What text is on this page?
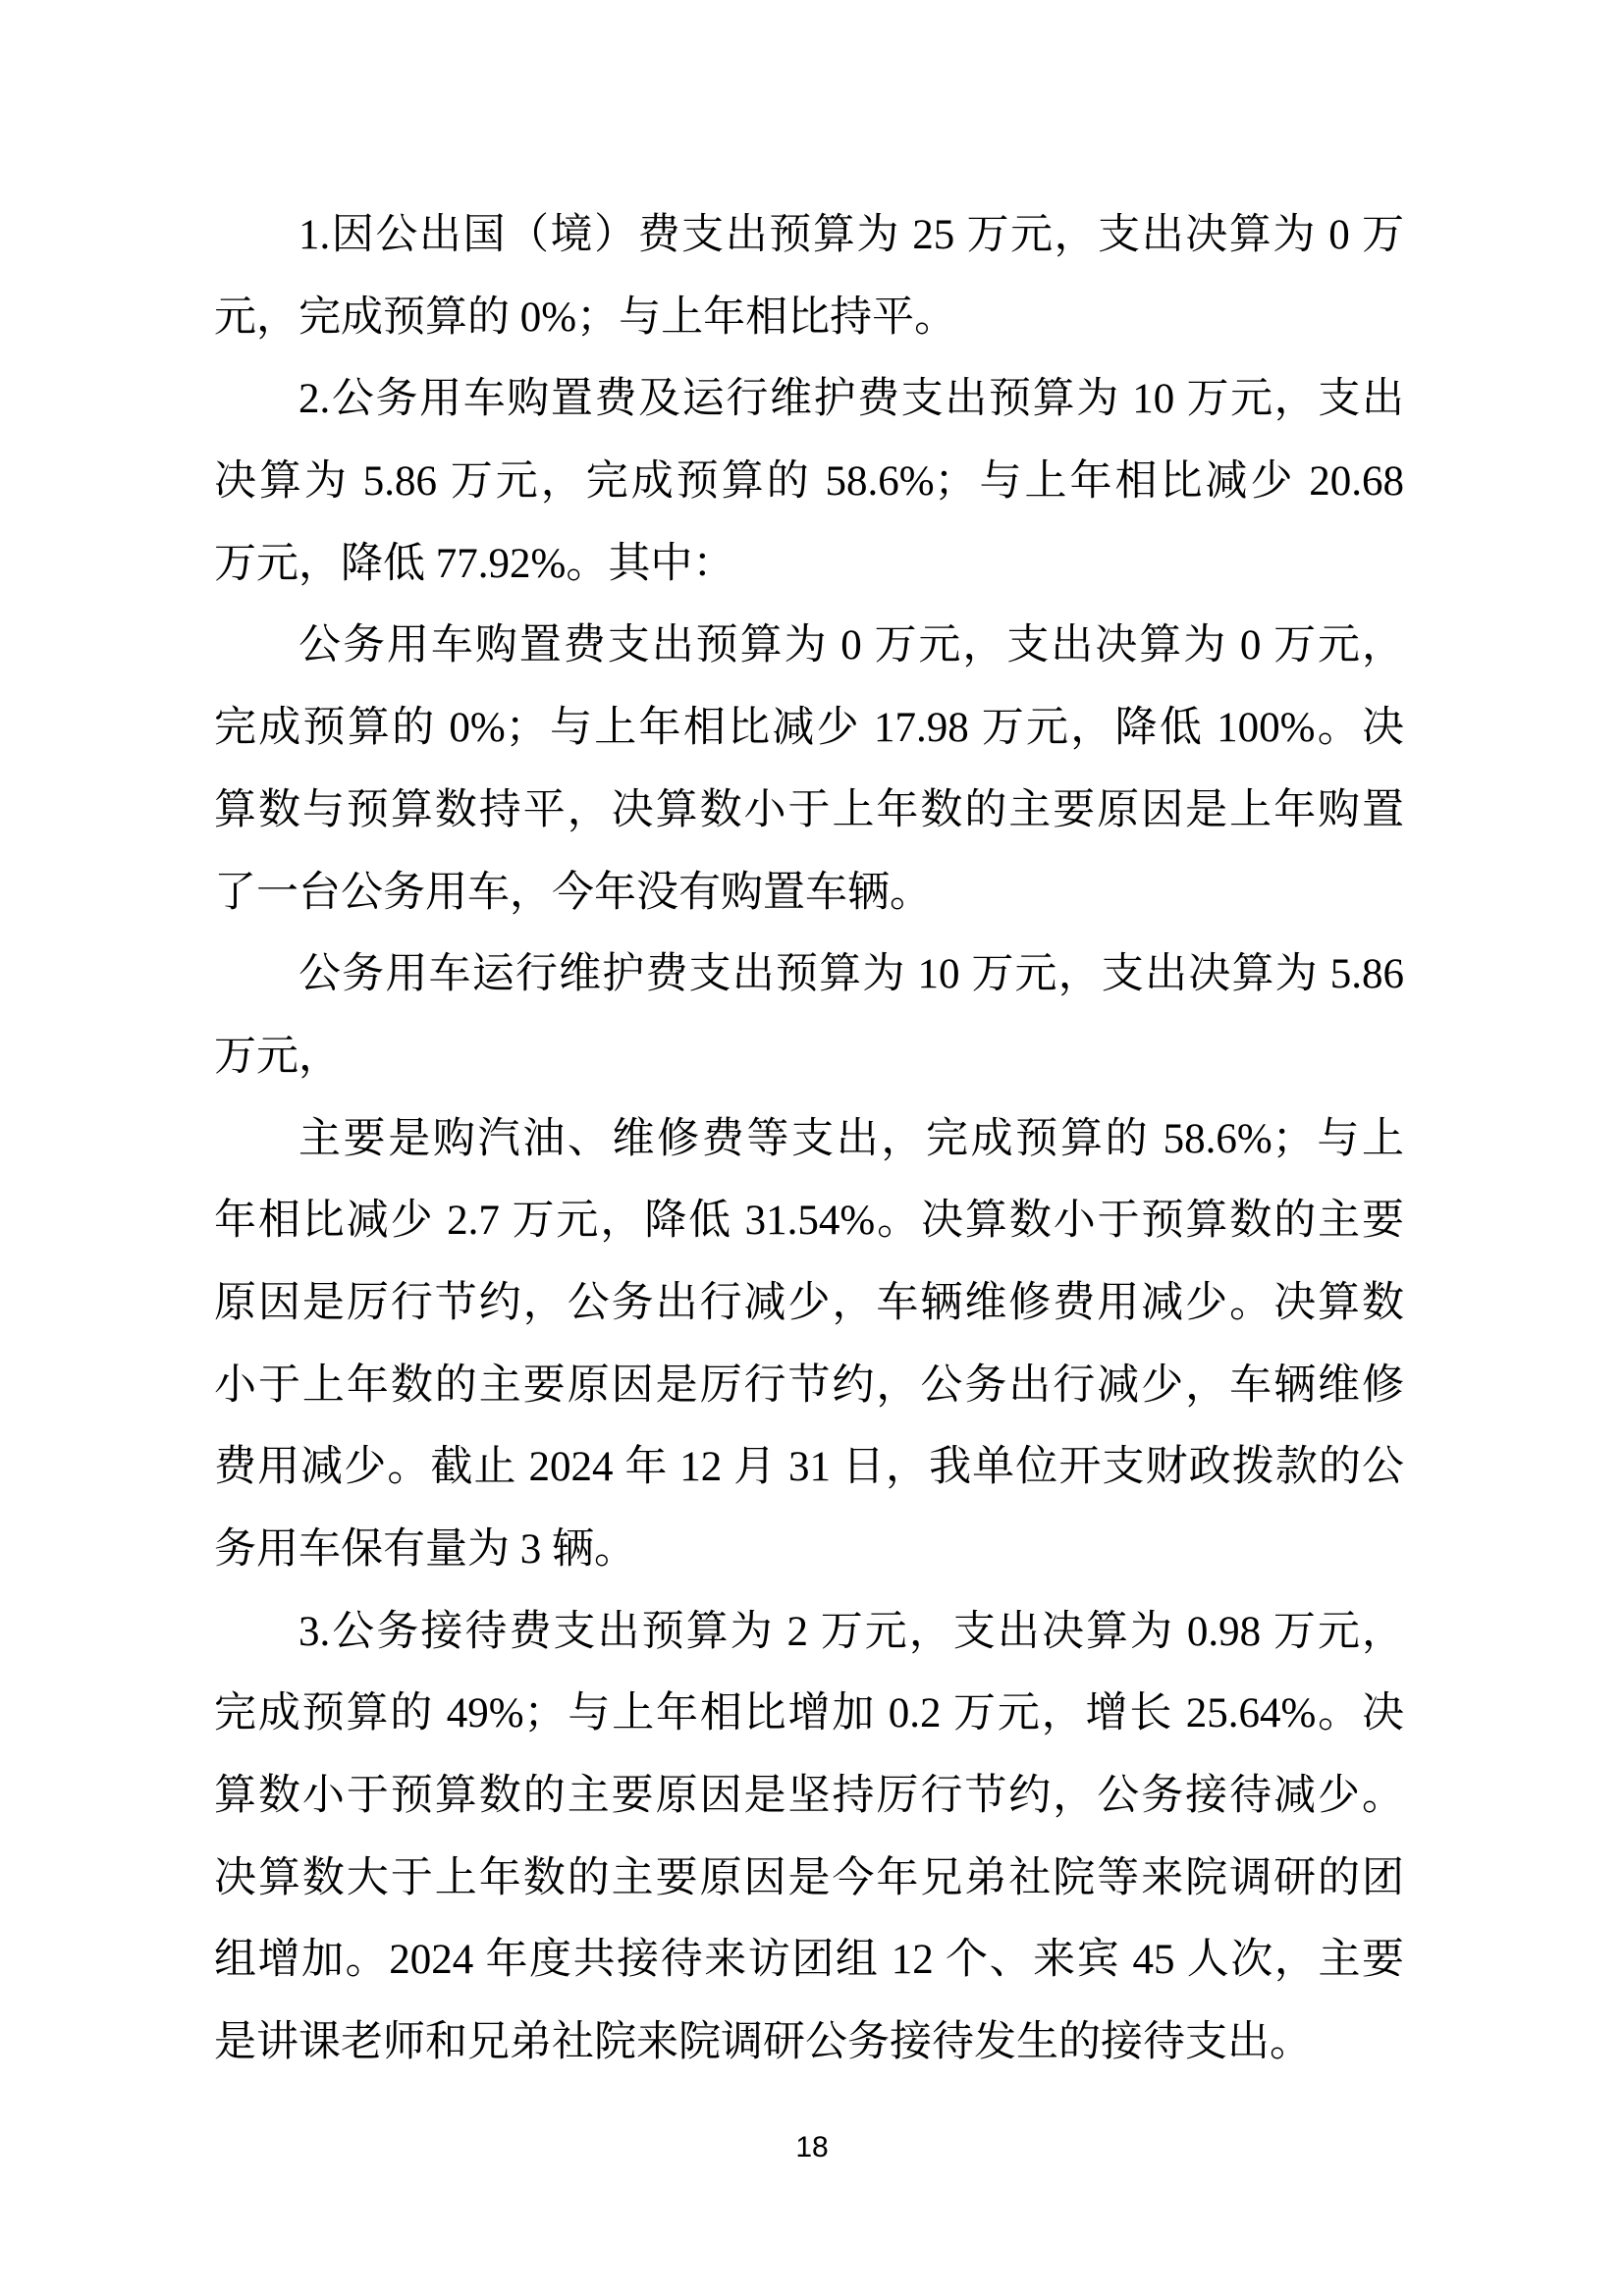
1.因公出国（境）费支出预算为 25 万元，支出决算为 0 万
元，完成预算的 0%；与上年相比持平。
2.公务用车购置费及运行维护费支出预算为 10 万元，支出
决算为 5.86 万元，完成预算的 58.6%；与上年相比减少 20.68
万元，降低 77.92%。其中：
公务用车购置费支出预算为 0 万元，支出决算为 0 万元，
完成预算的 0%；与上年相比减少 17.98 万元，降低 100%。决
算数与预算数持平，决算数小于上年数的主要原因是上年购置
了一台公务用车，今年没有购置车辆。
公务用车运行维护费支出预算为 10 万元，支出决算为 5.86
万元，
主要是购汽油、维修费等支出，完成预算的 58.6%；与上
年相比减少 2.7 万元，降低 31.54%。决算数小于预算数的主要
原因是厉行节约，公务出行减少，车辆维修费用减少。决算数
小于上年数的主要原因是厉行节约，公务出行减少，车辆维修
费用减少。截止 2024 年 12 月 31 日，我单位开支财政拨款的公
务用车保有量为 3 辆。
3.公务接待费支出预算为 2 万元，支出决算为 0.98 万元，
完成预算的 49%；与上年相比增加 0.2 万元，增长 25.64%。决
算数小于预算数的主要原因是坚持厉行节约，公务接待减少。
决算数大于上年数的主要原因是今年兄弟社院等来院调研的团
组增加。2024 年度共接待来访团组 12 个、来宾 45 人次，主要
是讲课老师和兄弟社院来院调研公务接待发生的接待支出。
18
